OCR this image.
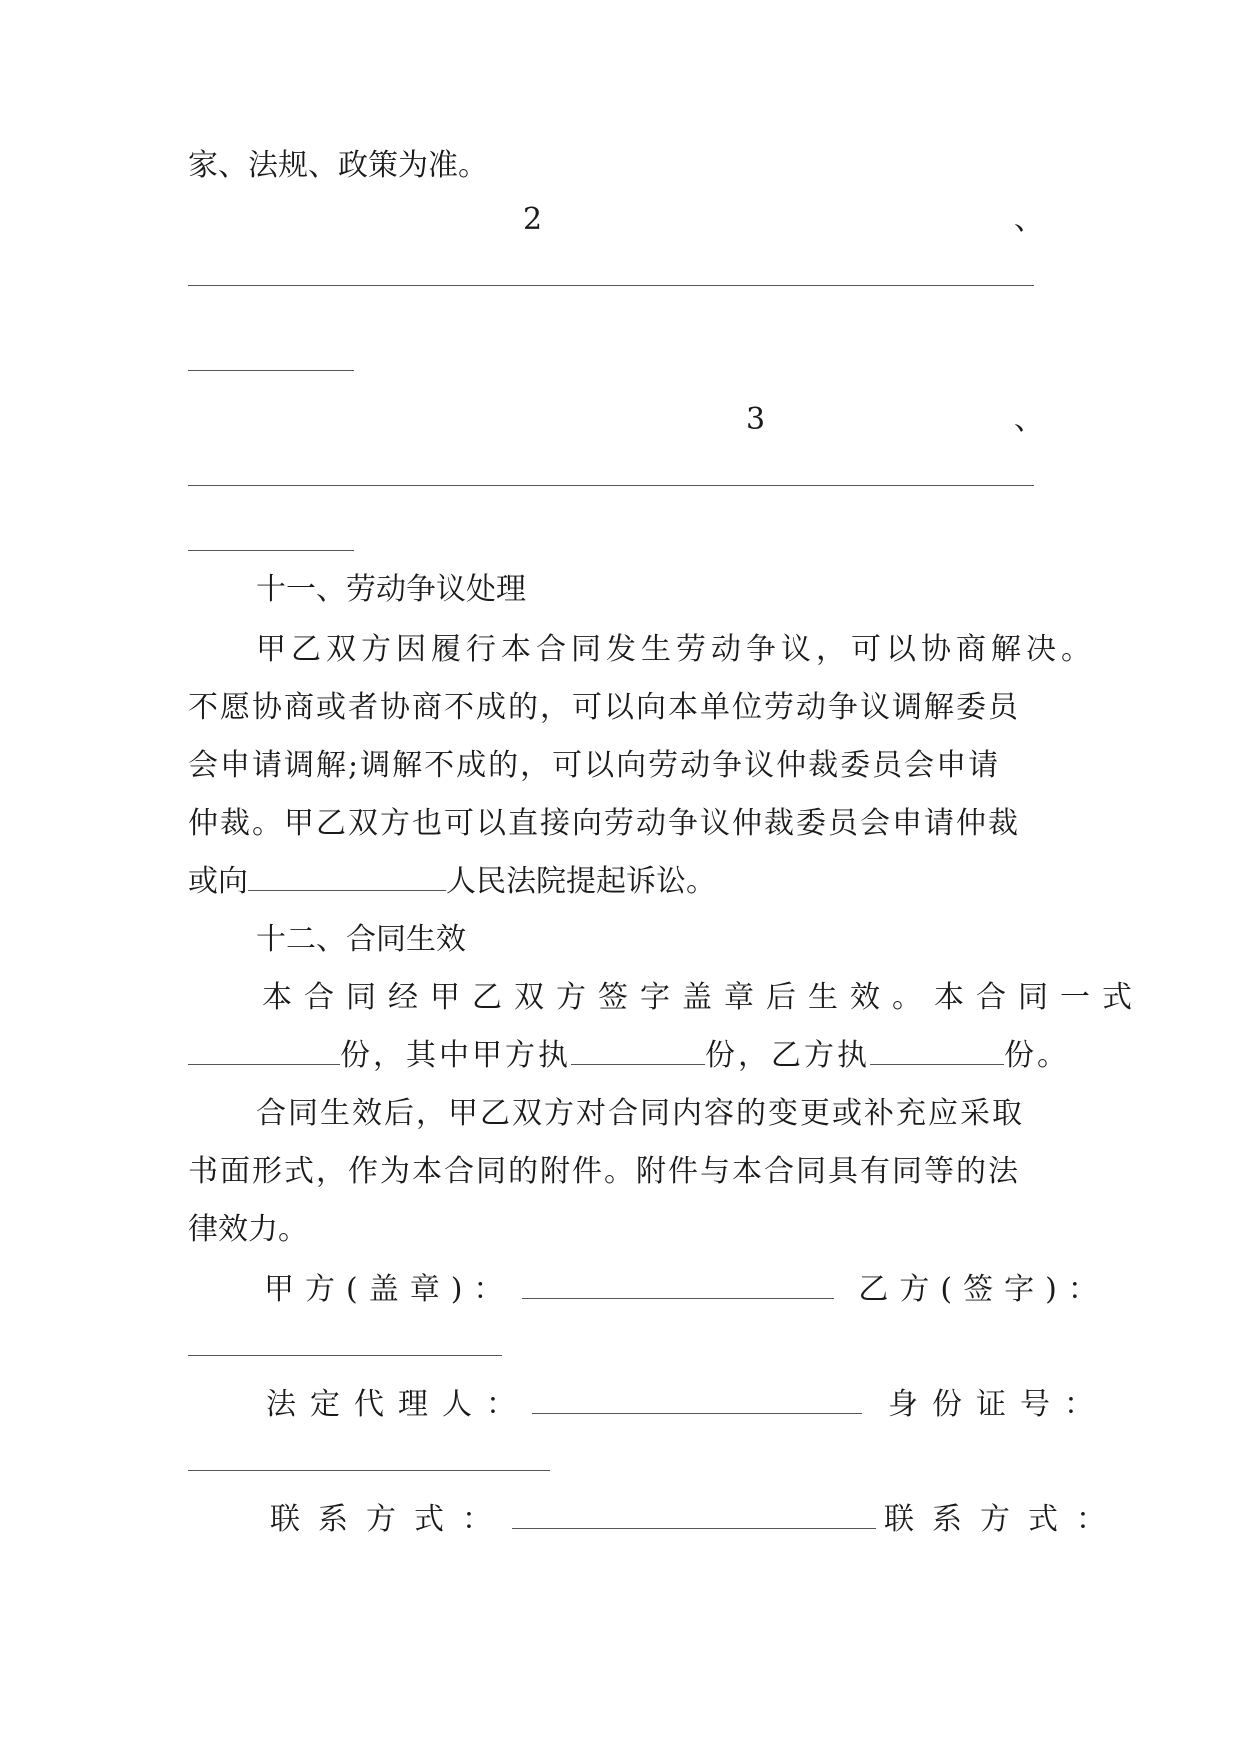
家、法规、政策为准。
2	、
3	、
十一、劳动争议处理
甲乙双方因履行本合同发生劳动争议，可以协商解决。
不愿协商或者协商不成的，可以向本单位劳动争议调解委员
会申请调解;调解不成的，可以向劳动争议仲裁委员会申请
仲裁。甲乙双方也可以直接向劳动争议仲裁委员会申请仲裁
或向	人民法院提起诉讼。
十二、合同生效
本合同经甲乙双方签字盖章后生效。本合同一式
份，其中甲方执	份，乙方执	份。
合同生效后，甲乙双方对合同内容的变更或补充应采取
书面形式，作为本合同的附件。附件与本合同具有同等的法
律效力。
甲方(盖章)：	乙方(签字)：
法定代理人：	身份证号：
联系方式：	联系方式：
